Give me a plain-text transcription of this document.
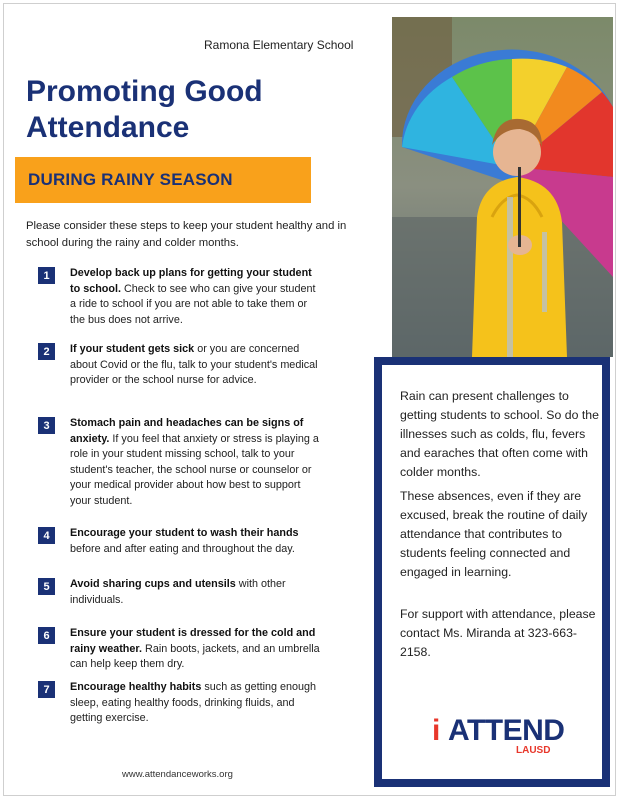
Ramona Elementary School
Promoting Good
Attendance
DURING RAINY SEASON

Please consider these steps to keep your student healthy and in school during the rainy and colder months.

1	Develop back up plans for getting your student to school. Check to see who can give your student a ride to school if you are not able to take them or the bus does not arrive.
2	If your student gets sick or you are concerned about Covid or the flu, talk to your student's medical provider or the school nurse for advice.
3	Stomach pain and headaches can be signs of anxiety. If you feel that anxiety or stress is playing a role in your student missing school, talk to your student's teacher, the school nurse or counselor or your medical provider about how best to support your student.
4	Encourage your student to wash their hands before and after eating and throughout the day.
5	Avoid sharing cups and utensils with other individuals.
6	Ensure your student is dressed for the cold and rainy weather. Rain boots, jackets, and an umbrella can help keep them dry.
7	Encourage healthy habits such as getting enough sleep, eating healthy foods, drinking fluids, and getting exercise.

Rain can present challenges to getting students to school. So do the illnesses such as colds, flu, fevers and earaches that often come with colder months.

These absences, even if they are excused, break the routine of daily attendance that contributes to students feeling connected and engaged in learning.

For support with attendance, please contact Ms. Miranda at 323-663-2158.

i ATTEND
LAUSD
www.attendanceworks.org
